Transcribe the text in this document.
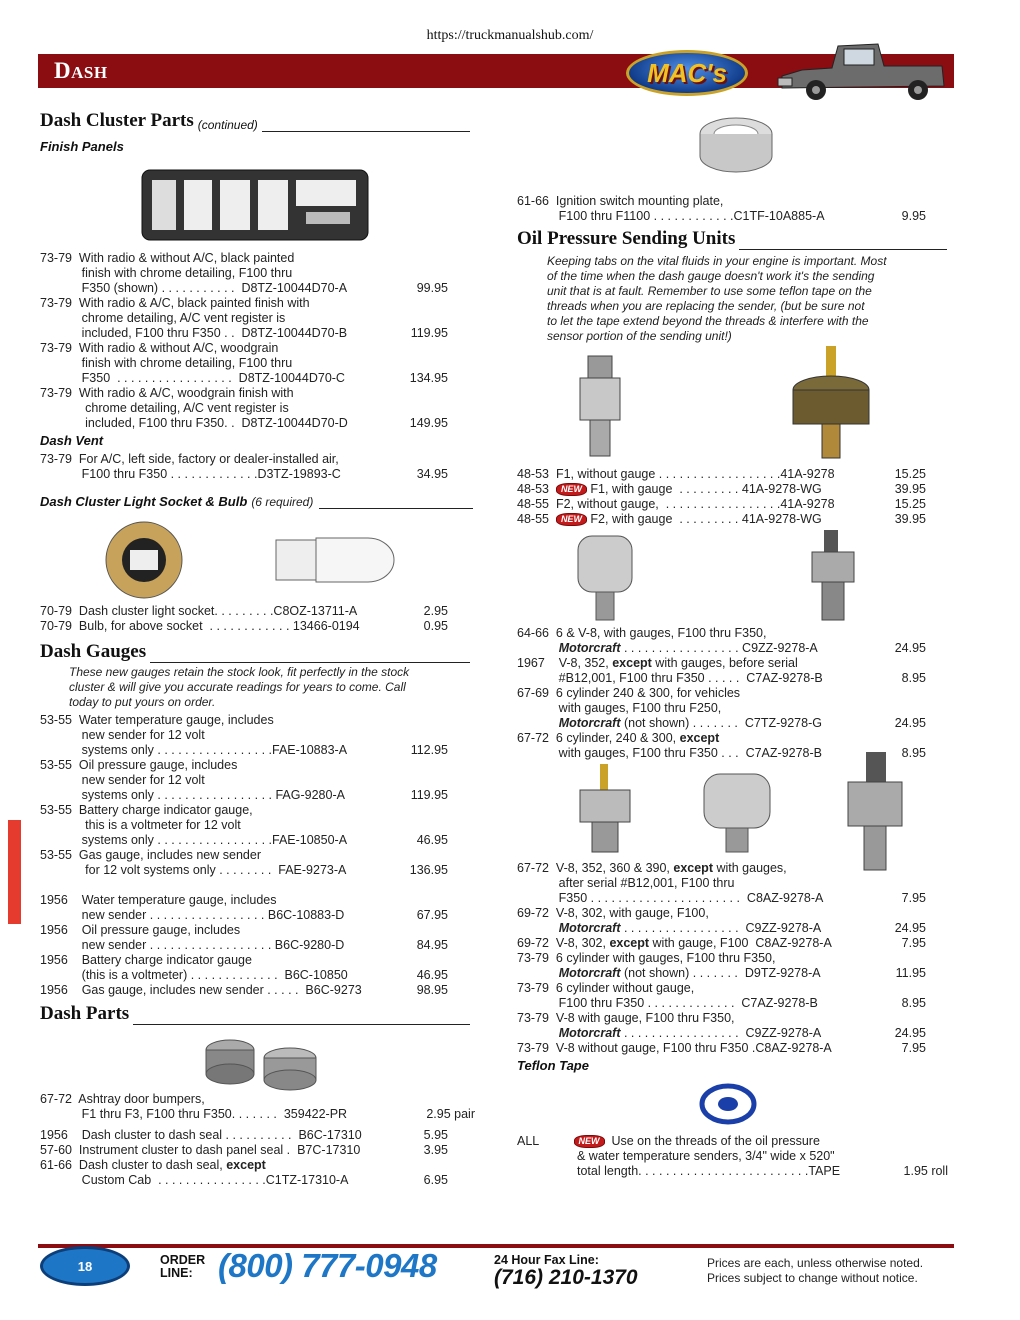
https://truckmanualshub.com/
DASH	MAC's
Dash Cluster Parts (continued)
Finish Panels
73-79  With radio & without A/C, black painted
finish with chrome detailing, F100 thru
F350 (shown) . . . . . . . . . . .  D8TZ-10044D70-A	99.95
73-79  With radio & A/C, black painted finish with
chrome detailing, A/C vent register is
included, F100 thru F350 . .  D8TZ-10044D70-B	119.95
73-79  With radio & without A/C, woodgrain
finish with chrome detailing, F100 thru
F350  . . . . . . . . . . . . . . . . .  D8TZ-10044D70-C	134.95
73-79  With radio & A/C, woodgrain finish with
chrome detailing, A/C vent register is
included, F100 thru F350. .  D8TZ-10044D70-D	149.95
Dash Vent
73-79  For A/C, left side, factory or dealer-installed air,
F100 thru F350 . . . . . . . . . . . . .D3TZ-19893-C	34.95
Dash Cluster Light Socket & Bulb (6 required)
70-79  Dash cluster light socket. . . . . . . . .C8OZ-13711-A	2.95
70-79  Bulb, for above socket  . . . . . . . . . . . . 13466-0194	0.95
Dash Gauges
These new gauges retain the stock look, fit perfectly in the stock
cluster & will give you accurate readings for years to come. Call
today to put yours on order.
53-55  Water temperature gauge, includes
new sender for 12 volt
systems only . . . . . . . . . . . . . . . . .FAE-10883-A	112.95
53-55  Oil pressure gauge, includes
new sender for 12 volt
systems only . . . . . . . . . . . . . . . . . FAG-9280-A	119.95
53-55  Battery charge indicator gauge,
this is a voltmeter for 12 volt
systems only . . . . . . . . . . . . . . . . .FAE-10850-A	46.95
53-55  Gas gauge, includes new sender
for 12 volt systems only . . . . . . . .  FAE-9273-A	136.95
1956    Water temperature gauge, includes
new sender . . . . . . . . . . . . . . . . . B6C-10883-D	67.95
1956    Oil pressure gauge, includes
new sender . . . . . . . . . . . . . . . . . . B6C-9280-D	84.95
1956    Battery charge indicator gauge
(this is a voltmeter) . . . . . . . . . . . . .  B6C-10850	46.95
1956    Gas gauge, includes new sender . . . . .  B6C-9273	98.95
Dash Parts
67-72  Ashtray door bumpers,
F1 thru F3, F100 thru F350. . . . . . .  359422-PR	2.95 pair
1956    Dash cluster to dash seal . . . . . . . . . .  B6C-17310	5.95
57-60  Instrument cluster to dash panel seal .  B7C-17310	3.95
61-66  Dash cluster to dash seal, except
Custom Cab  . . . . . . . . . . . . . . . .C1TZ-17310-A	6.95
61-66  Ignition switch mounting plate,
F100 thru F1100 . . . . . . . . . . . .C1TF-10A885-A	9.95
Oil Pressure Sending Units
Keeping tabs on the vital fluids in your engine is important. Most
of the time when the dash gauge doesn't work it's the sending
unit that is at fault. Remember to use some teflon tape on the
threads when you are replacing the sender, (but be sure not
to let the tape extend beyond the threads & interfere with the
sensor portion of the sending unit!)
48-53 F1, without gauge . . . . . . . . . . . . . . . . . .41A-9278	15.25
48-53 NEW F1, with gauge  . . . . . . . . . 41A-9278-WG	39.95
48-55 F2, without gauge,  . . . . . . . . . . . . . . . . .41A-9278	15.25
48-55 NEW F2, with gauge  . . . . . . . . . 41A-9278-WG	39.95
64-66  6 & V-8, with gauges, F100 thru F350,
Motorcraft . . . . . . . . . . . . . . . . . C9ZZ-9278-A	24.95
1967    V-8, 352, except with gauges, before serial
#B12,001, F100 thru F350 . . . . .  C7AZ-9278-B	8.95
67-69  6 cylinder 240 & 300, for vehicles
with gauges, F100 thru F250,
Motorcraft (not shown) . . . . . . .  C7TZ-9278-G	24.95
67-72  6 cylinder, 240 & 300, except
with gauges, F100 thru F350 . . .  C7AZ-9278-B	8.95
67-72  V-8, 352, 360 & 390, except with gauges,
after serial #B12,001, F100 thru
F350 . . . . . . . . . . . . . . . . . . . . . .  C8AZ-9278-A	7.95
69-72  V-8, 302, with gauge, F100,
Motorcraft . . . . . . . . . . . . . . . . .  C9ZZ-9278-A	24.95
69-72  V-8, 302, except with gauge, F100  C8AZ-9278-A	7.95
73-79  6 cylinder with gauges, F100 thru F350,
Motorcraft (not shown) . . . . . . .  D9TZ-9278-A	11.95
73-79  6 cylinder without gauge,
F100 thru F350 . . . . . . . . . . . . .  C7AZ-9278-B	8.95
73-79  V-8 with gauge, F100 thru F350,
Motorcraft . . . . . . . . . . . . . . . . .  C9ZZ-9278-A	24.95
73-79  V-8 without gauge, F100 thru F350 .C8AZ-9278-A	7.95
Teflon Tape
ALL	NEW Use on the threads of the oil pressure
& water temperature senders, 3/4" wide x 520"
total length. . . . . . . . . . . . . . . . . . . . . . . . .TAPE	1.95 roll
18	ORDER
LINE: (800) 777-0948	24 Hour Fax Line:
(716) 210-1370
Prices are each, unless otherwise noted.
Prices subject to change without notice.
